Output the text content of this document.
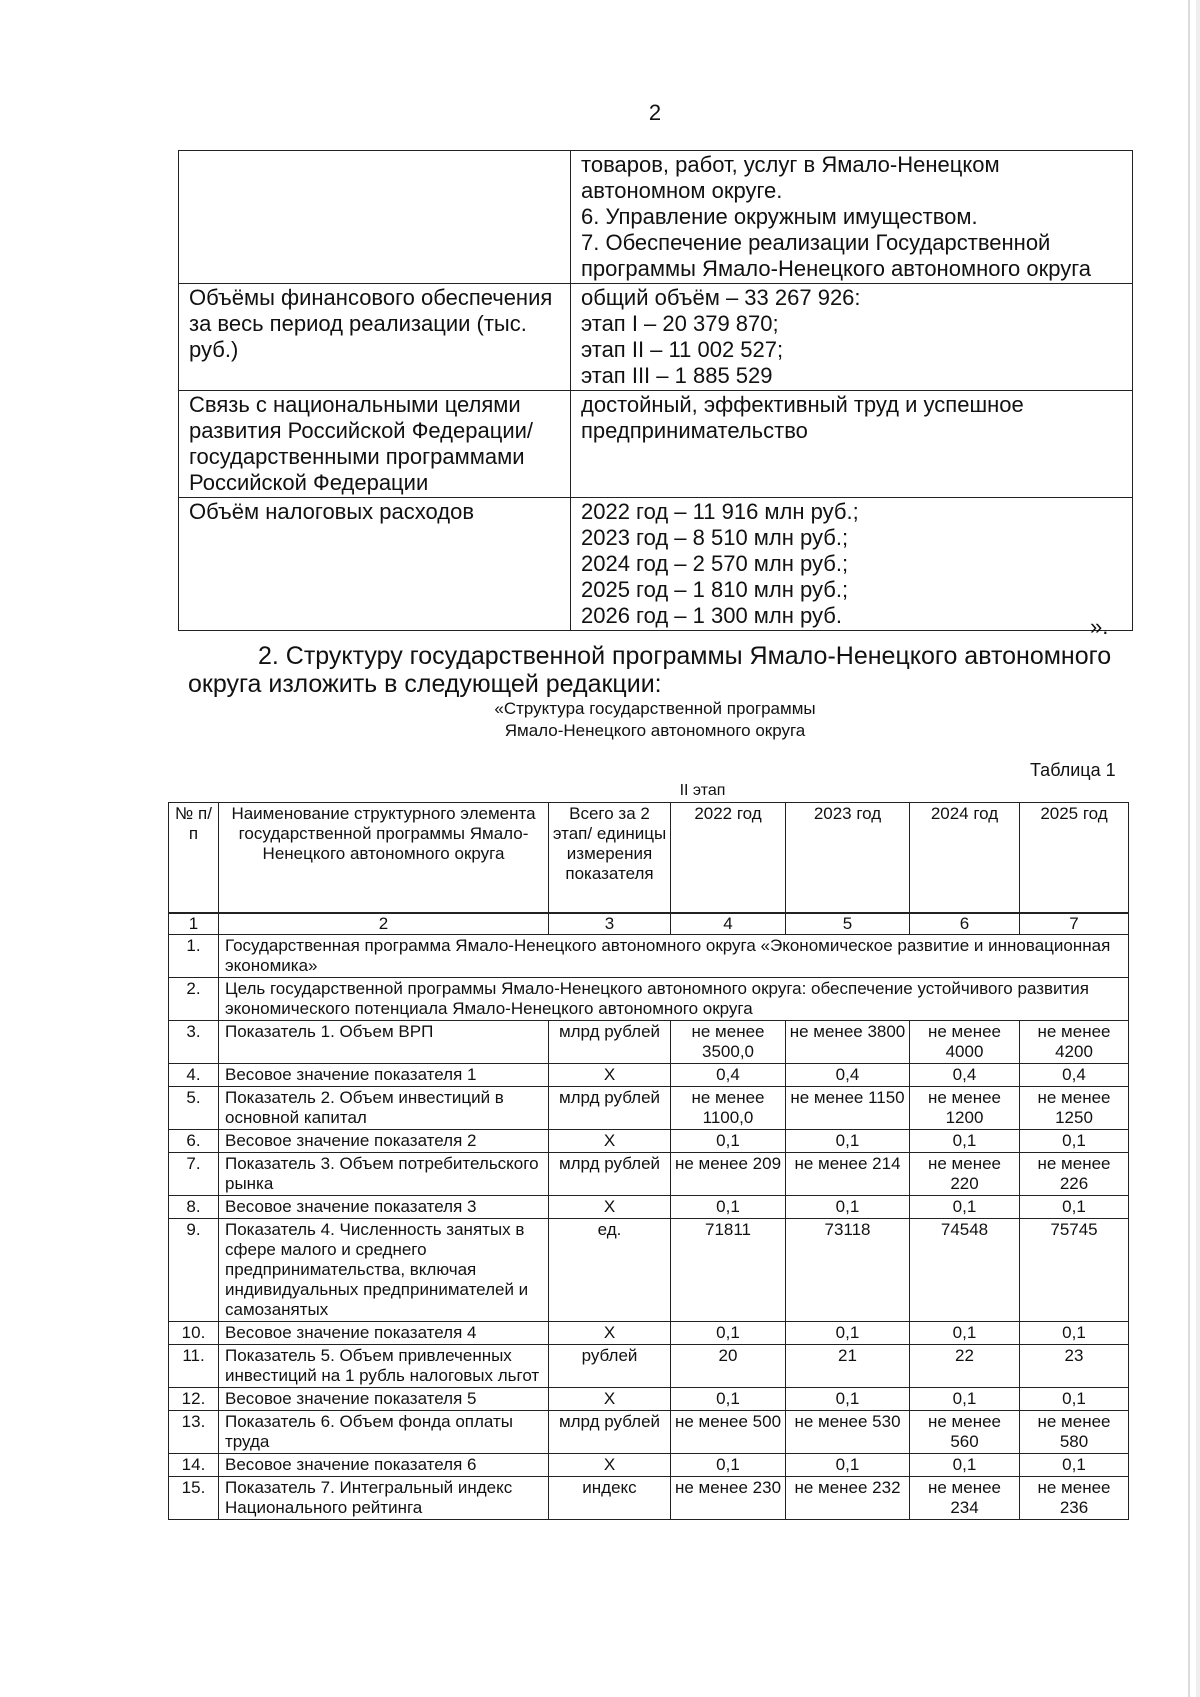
2

	товаров, работ, услуг в Ямало-Ненецком
автономном округе.
6. Управление окружным имуществом.
7. Обеспечение реализации Государственной
программы Ямало-Ненецкого автономного округа

Объёмы финансового обеспечения за весь период реализации (тыс. руб.)	общий объём – 33 267 926:
этап I – 20 379 870;
этап II – 11 002 527;
этап III – 1 885 529

Связь с национальными целями развития Российской Федерации/ государственными программами Российской Федерации	достойный, эффективный труд и успешное
предпринимательство

Объём налоговых расходов	2022 год – 11 916 млн руб.;
2023 год – 8 510 млн руб.;
2024 год – 2 570 млн руб.;
2025 год – 1 810 млн руб.;
2026 год – 1 300 млн руб.	».
2. Структуру государственной программы Ямало-Ненецкого автономного округа изложить в следующей редакции:
«Структура государственной программы
Ямало-Ненецкого автономного округа
Таблица 1
II этап
№ п/п	Наименование структурного элемента государственной программы Ямало-Ненецкого автономного округа	Всего за 2 этап/ единицы измерения показателя	2022 год	2023 год	2024 год	2025 год
1	2	3	4	5	6	7
1.	Государственная программа Ямало-Ненецкого автономного округа «Экономическое развитие и инновационная экономика»					
2.	Цель государственной программы Ямало-Ненецкого автономного округа: обеспечение устойчивого развития экономического потенциала Ямало-Ненецкого автономного округа					
3.	Показатель 1. Объем ВРП	млрд рублей	не менее 3500,0	не менее 3800	не менее 4000	не менее 4200
4.	Весовое значение показателя 1	Х	0,4	0,4	0,4	0,4
5.	Показатель 2. Объем инвестиций в основной капитал	млрд рублей	не менее 1100,0	не менее 1150	не менее 1200	не менее 1250
6.	Весовое значение показателя 2	Х	0,1	0,1	0,1	0,1
7.	Показатель 3. Объем потребительского рынка	млрд рублей	не менее 209	не менее 214	не менее 220	не менее 226
8.	Весовое значение показателя 3	Х	0,1	0,1	0,1	0,1
9.	Показатель 4. Численность занятых в сфере малого и среднего предпринимательства, включая индивидуальных предпринимателей и самозанятых	ед.	71811	73118	74548	75745
10.	Весовое значение показателя 4	Х	0,1	0,1	0,1	0,1
11.	Показатель 5. Объем привлеченных инвестиций на 1 рубль налоговых льгот	рублей	20	21	22	23
12.	Весовое значение показателя 5	Х	0,1	0,1	0,1	0,1
13.	Показатель 6. Объем фонда оплаты труда	млрд рублей	не менее 500	не менее 530	не менее 560	не менее 580
14.	Весовое значение показателя 6	Х	0,1	0,1	0,1	0,1
15.	Показатель 7. Интегральный индекс Национального рейтинга	индекс	не менее 230	не менее 232	не менее 234	не менее 236
